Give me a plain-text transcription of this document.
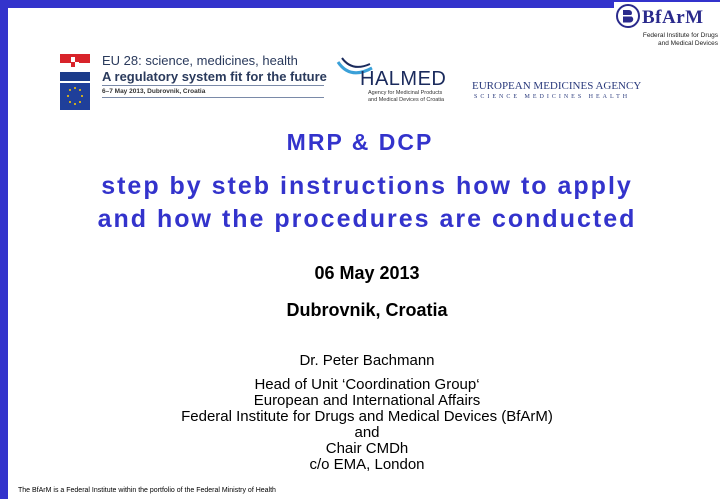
BfArM
Federal Institute for Drugs
and Medical Devices
EU 28: science, medicines, health
A regulatory system fit for the future
6–7 May 2013, Dubrovnik, Croatia
HALMED
Agency for Medicinal Products
and Medical Devices of Croatia
EUROPEAN MEDICINES AGENCY
SCIENCE MEDICINES HEALTH
MRP & DCP
step by steb instructions how to apply
and how the procedures are conducted
06 May 2013
Dubrovnik, Croatia
Dr. Peter Bachmann
Head of Unit ‘Coordination Group‘
European and International Affairs
Federal Institute for Drugs and Medical Devices (BfArM)
and
Chair CMDh
c/o EMA, London
The BfArM is a Federal Institute within the portfolio of the Federal Ministry of Health
